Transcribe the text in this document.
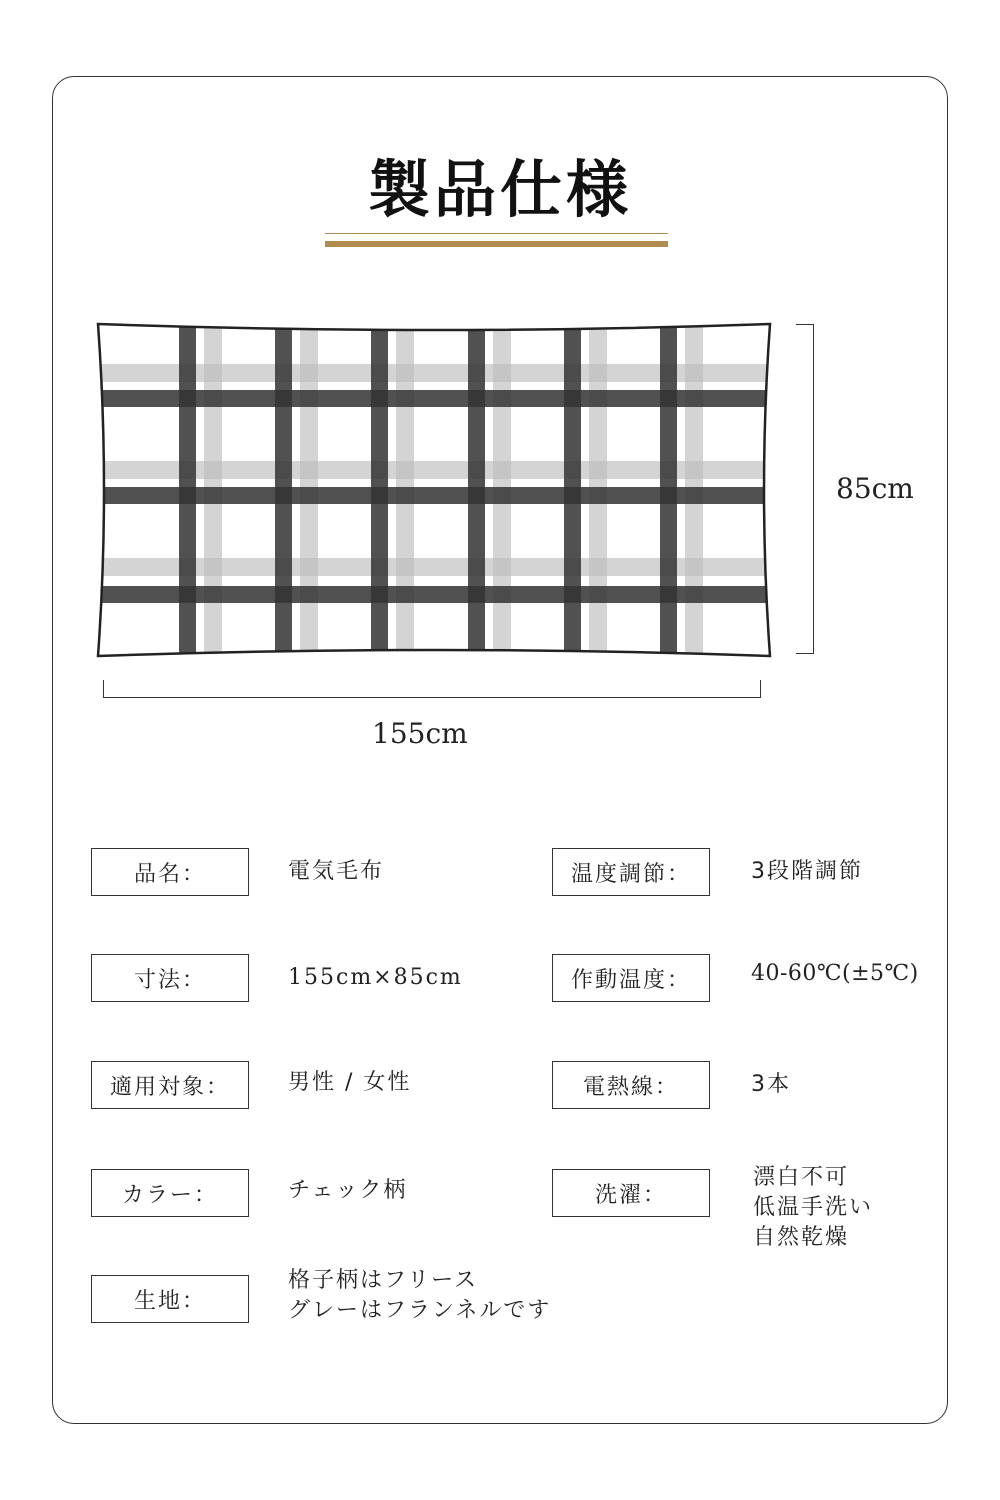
製品仕様
85cm
155cm
品名：	電気毛布
寸法：	155cm×85cm
適用対象：	男性 / 女性
カラー：	チェック柄
生地：
格子柄はフリース
グレーはフランネルです
温度調節：	3段階調節
作動温度：	40-60℃(±5℃)
電熱線：	3本
洗濯：
漂白不可
低温手洗い
自然乾燥
